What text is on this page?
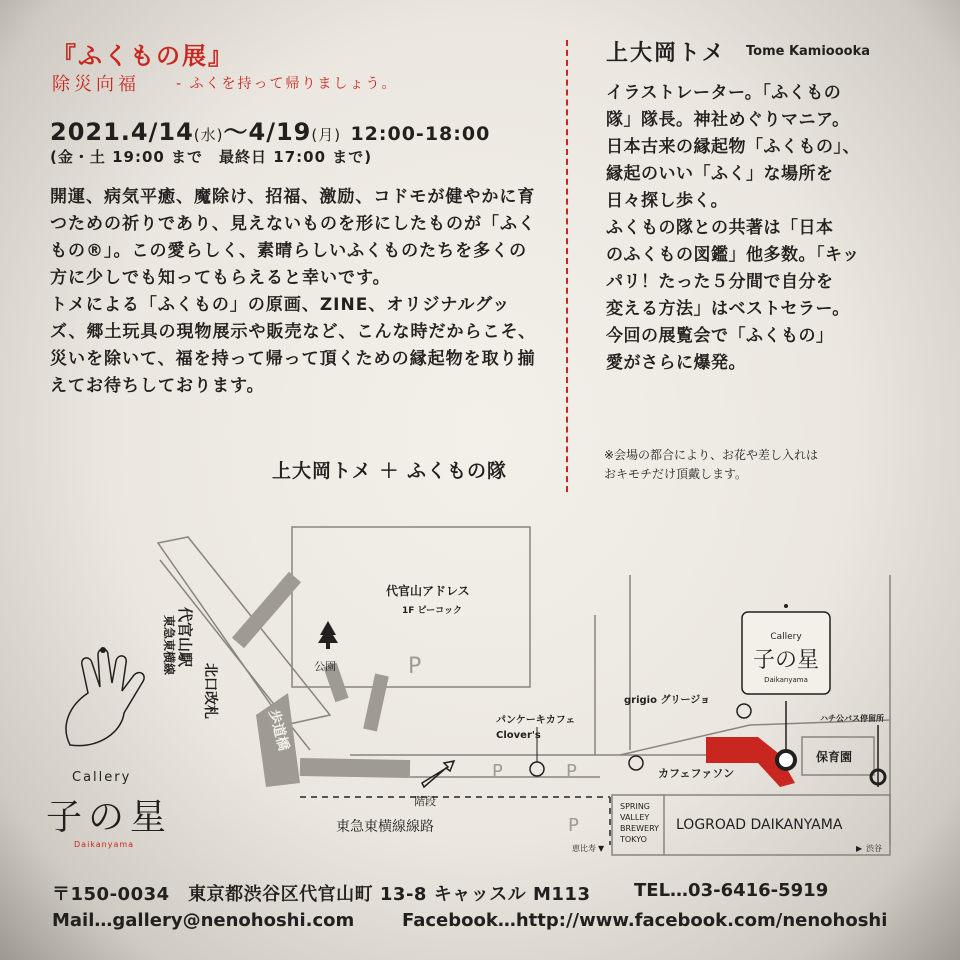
『ふくもの展』
除災向福	- ふくを持って帰りましょう。
2021.4/14(水)〜4/19(月) 12:00-18:00
(金・土 19:00 まで　最終日 17:00 まで)

開運、病気平癒、魔除け、招福、激励、コドモが健やかに育つための祈りであり、見えないものを形にしたものが「ふくもの®」。この愛らしく、素晴らしいふくものたちを多くの方に少しでも知ってもらえると幸いです。

トメによる「ふくもの」の原画、ZINE、オリジナルグッズ、郷土玩具の現物展示や販売など、こんな時だからこそ、災いを除いて、福を持って帰って頂くための縁起物を取り揃えてお待ちしております。

上大岡トメ ＋ ふくもの隊
上大岡トメ Tome Kamioooka

イラストレーター。「ふくもの

隊」隊長。神社めぐりマニア。

日本古来の縁起物「ふくもの」、

縁起のいい「ふく」な場所を

日々探し歩く。

ふくもの隊との共著は「日本

のふくもの図鑑」他多数。「キッ

パリ！たった５分間で自分を

変える方法」はベストセラー。

今回の展覧会で「ふくもの」

愛がさらに爆発。

※会場の都合により、お花や差し入れは
おキモチだけ頂戴します。
Callery
子の星
Daikanyama
東急東横線 代官山駅
北口改札
歩道橋
代官山アドレス
1F ピーコック
公園	P
P	P
P
階段
東急東横線線路
パンケーキカフェ
Clover's
grigio グリージョ
カフェファソン
SPRING
VALLEY
BREWERY
TOKYO
LOGROAD DAIKANYAMA
ハチ公バス停留所
保育園
恵比寿 ▼	▶ 渋谷
Callery
子の星
Daikanyama
〒150-0034　東京都渋谷区代官山町 13-8 キャッスル M113 TEL…03-6416-5919
Mail…gallery@nenohoshi.com	Facebook…http://www.facebook.com/nenohoshi
